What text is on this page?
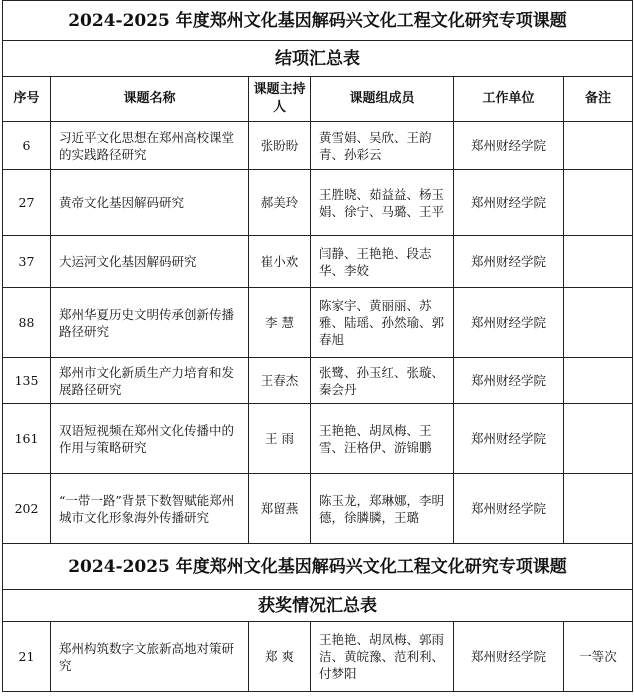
2024-2025 年度郑州文化基因解码兴文化工程文化研究专项课题					
结项汇总表					
序号	课题名称	课题主持人	课题组成员	工作单位	备注
6	习近平文化思想在郑州高校课堂的实践路径研究	张盼盼	黄雪娟、吴欣、王韵青、孙彩云	郑州财经学院	
27	黄帝文化基因解码研究	郝美玲	王胜晓、茹益益、杨玉娟、徐宁、马璐、王平	郑州财经学院	
37	大运河文化基因解码研究	崔小欢	闫静、王艳艳、段志华、李姣	郑州财经学院	
88	郑州华夏历史文明传承创新传播路径研究	李 慧	陈家宇、黄丽丽、苏雅、陆瑶、孙然瑜、郭春旭	郑州财经学院	
135	郑州市文化新质生产力培育和发展路径研究	王春杰	张鹭、孙玉红、张璇、秦会丹	郑州财经学院	
161	双语短视频在郑州文化传播中的作用与策略研究	王 雨	王艳艳、胡凤梅、王雪、汪格伊、游锦鹏	郑州财经学院	
202	“一带一路”背景下数智赋能郑州城市文化形象海外传播研究	郑留燕	陈玉龙，郑琳娜，李明德，徐膦膦，王璐	郑州财经学院	
2024-2025 年度郑州文化基因解码兴文化工程文化研究专项课题					
获奖情况汇总表					
21	郑州构筑数字文旅新高地对策研究	郑 爽	王艳艳、胡凤梅、郭雨洁、黄皖豫、范利利、付梦阳	郑州财经学院	一等次
